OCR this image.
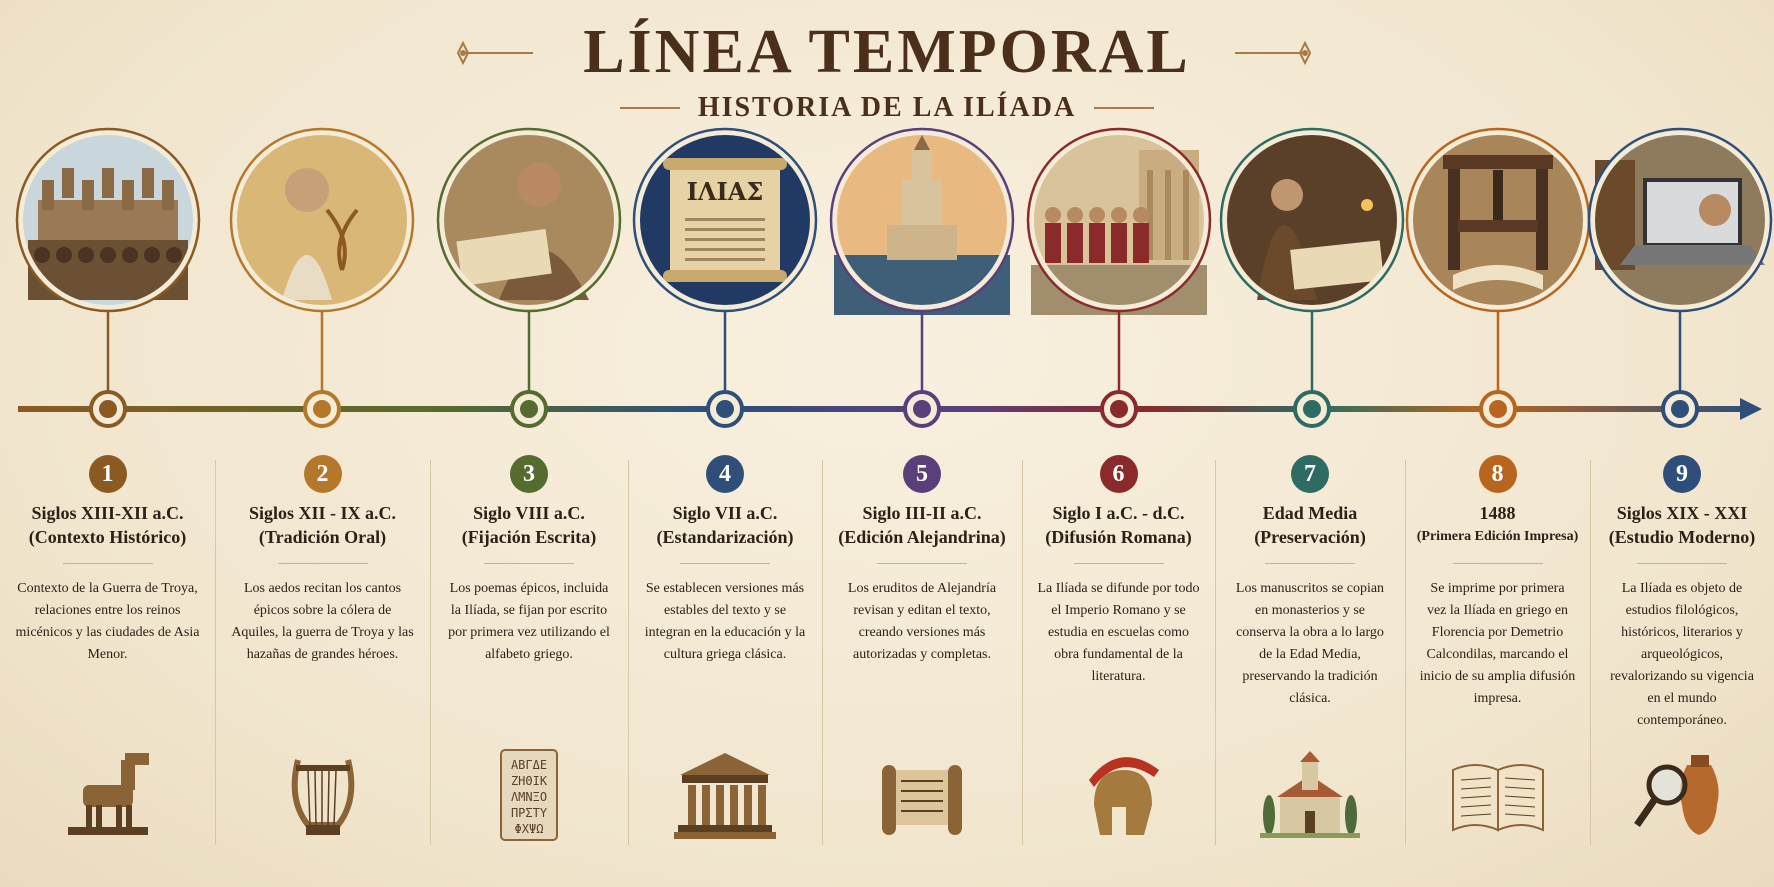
LÍNEA TEMPORAL
HISTORIA DE LA ILÍADA
ΙΛΙΑΣ
1
Siglos XIII-XII a.C.
(Contexto Histórico)
Contexto de la Guerra de Troya, relaciones entre los reinos micénicos y las ciudades de Asia Menor.
2
Siglos XII - IX a.C.
(Tradición Oral)
Los aedos recitan los cantos épicos sobre la cólera de Aquiles, la guerra de Troya y las hazañas de grandes héroes.
3
Siglo VIII a.C.
(Fijación Escrita)
Los poemas épicos, incluida la Ilíada, se fijan por escrito por primera vez utilizando el alfabeto griego.
ΑΒΓΔΕ
ΖΗΘΙΚ
ΛΜΝΞΟ
ΠΡΣΤΥ
ΦΧΨΩ
4
Siglo VII a.C.
(Estandarización)
Se establecen versiones más estables del texto y se integran en la educación y la cultura griega clásica.
5
Siglo III-II a.C.
(Edición Alejandrina)
Los eruditos de Alejandría revisan y editan el texto, creando versiones más autorizadas y completas.
6
Siglo I a.C. - d.C.
(Difusión Romana)
La Ilíada se difunde por todo el Imperio Romano y se estudia en escuelas como obra fundamental de la literatura.
7
Edad Media
(Preservación)
Los manuscritos se copian en monasterios y se conserva la obra a lo largo de la Edad Media, preservando la tradición clásica.
8
1488
(Primera Edición Impresa)
Se imprime por primera vez la Ilíada en griego en Florencia por Demetrio Calcondilas, marcando el inicio de su amplia difusión impresa.
9
Siglos XIX - XXI
(Estudio Moderno)
La Ilíada es objeto de estudios filológicos, históricos, literarios y arqueológicos, revalorizando su vigencia en el mundo contemporáneo.
